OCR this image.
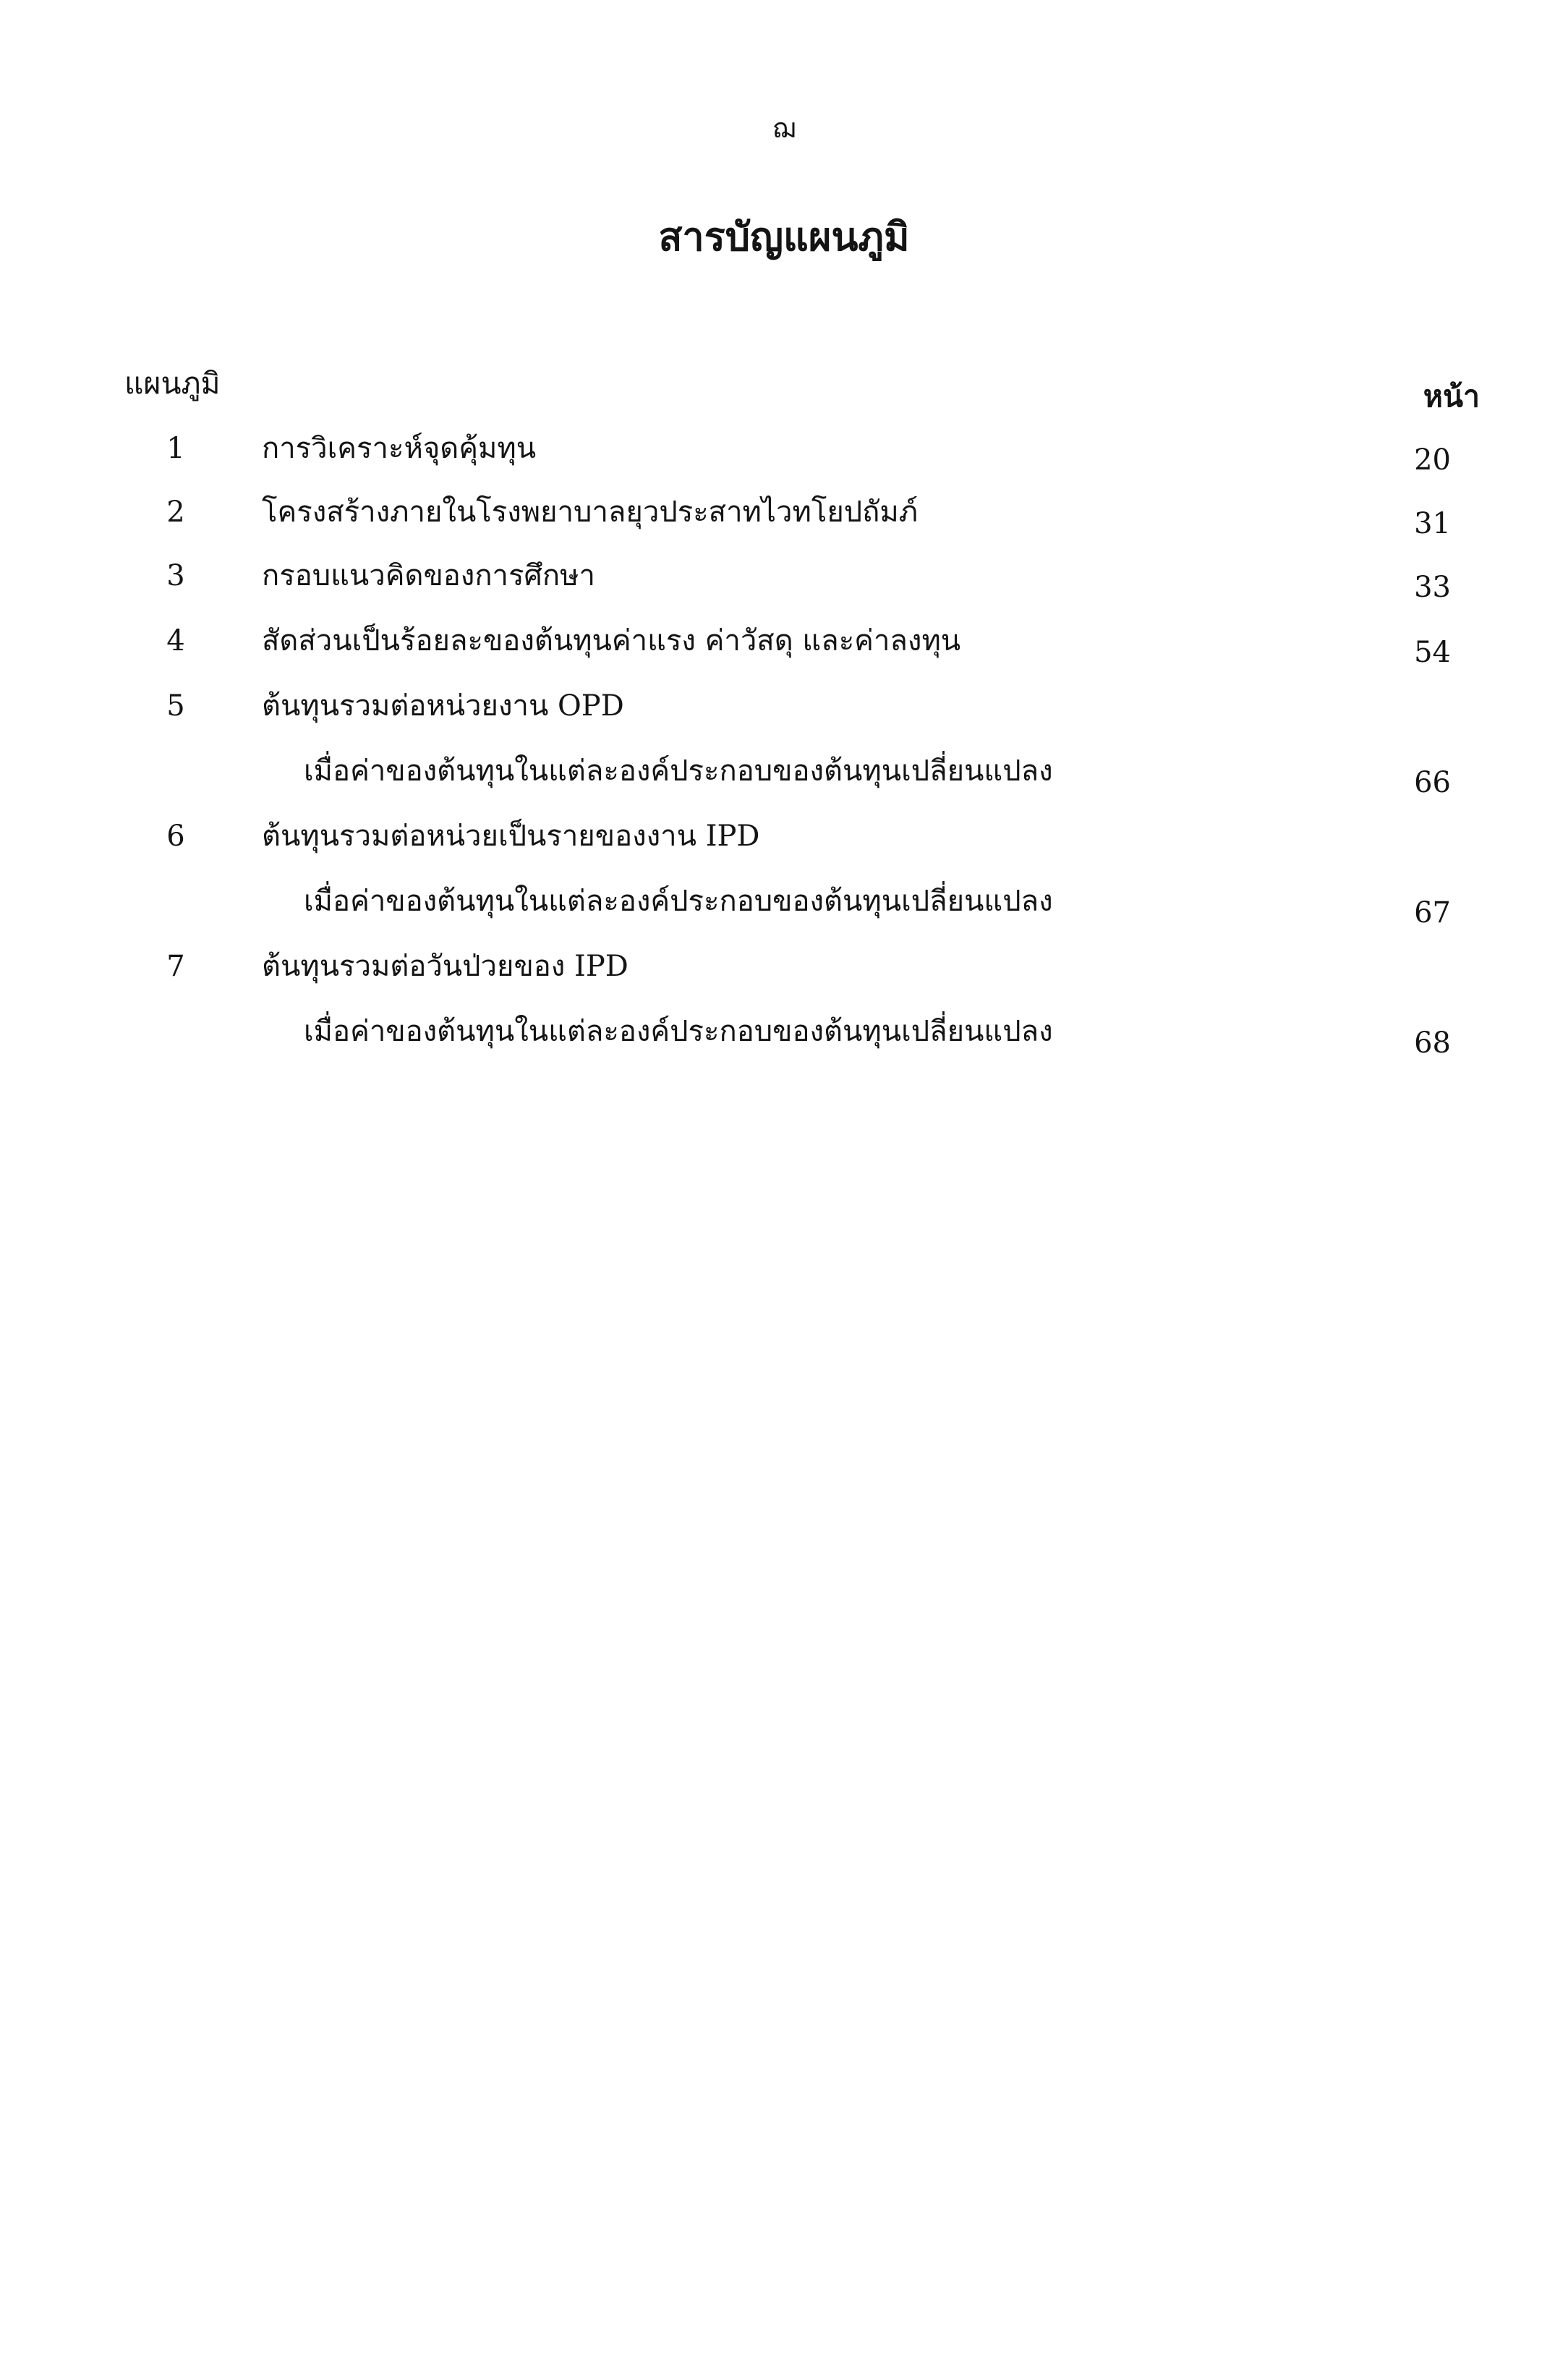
ฌ
สารบัญแผนภูมิ
แผนภูมิ	หน้า
1	การวิเคราะห์จุดคุ้มทุน	20
2	โครงสร้างภายในโรงพยาบาลยุวประสาทไวทโยปถัมภ์	31
3	กรอบแนวคิดของการศึกษา	33
4	สัดส่วนเป็นร้อยละของต้นทุนค่าแรง ค่าวัสดุ และค่าลงทุน	54
5	ต้นทุนรวมต่อหน่วยงาน OPD
เมื่อค่าของต้นทุนในแต่ละองค์ประกอบของต้นทุนเปลี่ยนแปลง	66
6	ต้นทุนรวมต่อหน่วยเป็นรายของงาน IPD
เมื่อค่าของต้นทุนในแต่ละองค์ประกอบของต้นทุนเปลี่ยนแปลง	67
7	ต้นทุนรวมต่อวันป่วยของ IPD
เมื่อค่าของต้นทุนในแต่ละองค์ประกอบของต้นทุนเปลี่ยนแปลง	68
